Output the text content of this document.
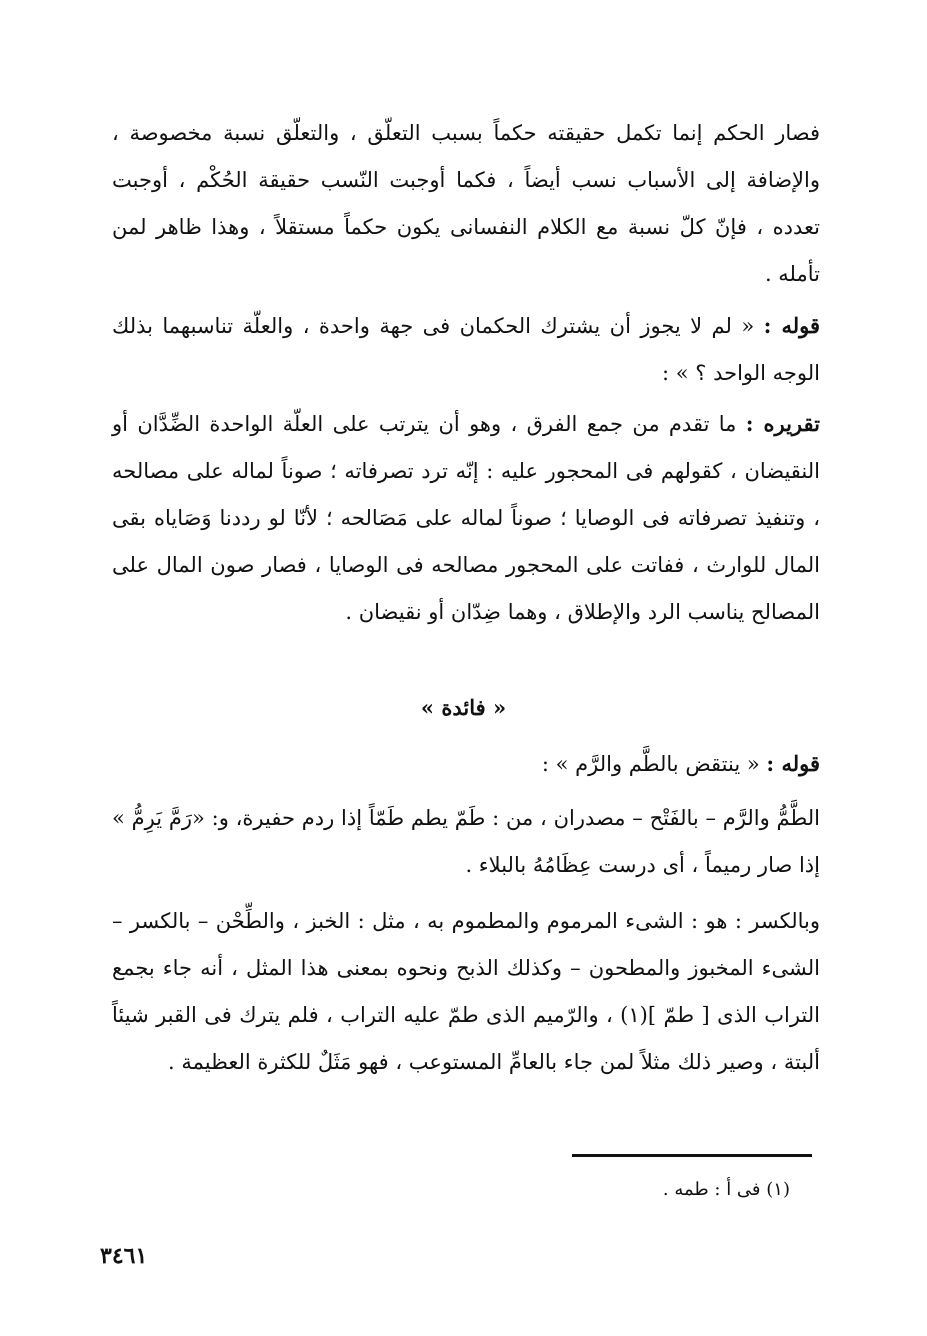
فصار الحكم إنما تكمل حقيقته حكماً بسبب التعلّق ، والتعلّق نسبة مخصوصة ، والإضافة إلى الأسباب نسب أيضاً ، فكما أوجبت النّسب حقيقة الحُكْم ، أوجبت تعدده ، فإنّ كلّ نسبة مع الكلام النفسانى يكون حكماً مستقلاً ، وهذا ظاهر لمن تأمله .

قوله : « لم لا يجوز أن يشترك الحكمان فى جهة واحدة ، والعلّة تناسبهما بذلك الوجه الواحد ؟ » :

تقريره : ما تقدم من جمع الفرق ، وهو أن يترتب على العلّة الواحدة الضِّدَّان أو النقيضان ، كقولهم فى المحجور عليه : إنّه ترد تصرفاته ؛ صوناً لماله على مصالحه ، وتنفيذ تصرفاته فى الوصايا ؛ صوناً لماله على مَصَالحه ؛ لأنّا لو رددنا وَصَاياه بقى المال للوارث ، ففاتت على المحجور مصالحه فى الوصايا ، فصار صون المال على المصالح يناسب الرد والإطلاق ، وهما ضِدّان أو نقيضان .

« فائدة »

قوله : « ينتقض بالطَّم والرَّم » :

الطَّمُّ والرَّم – بالفَتْح – مصدران ، من : طَمّ يطم طَمّاً إذا ردم حفيرة، و: «رَمَّ يَرِمُّ » إذا صار رميماً ، أى درست عِظَامُهُ بالبلاء .

وبالكسر : هو : الشىء المرموم والمطموم به ، مثل : الخبز ، والطِّحْن – بالكسر – الشىء المخبوز والمطحون – وكذلك الذبح ونحوه بمعنى هذا المثل ، أنه جاء بجمع التراب الذى [ طمّ ](١) ، والرّميم الذى طمّ عليه التراب ، فلم يترك فى القبر شيئاً ألبتة ، وصير ذلك مثلاً لمن جاء بالعامِّ المستوعب ، فهو مَثَلٌ للكثرة العظيمة .

(١) فى أ : طمه .

٣٤٦١
